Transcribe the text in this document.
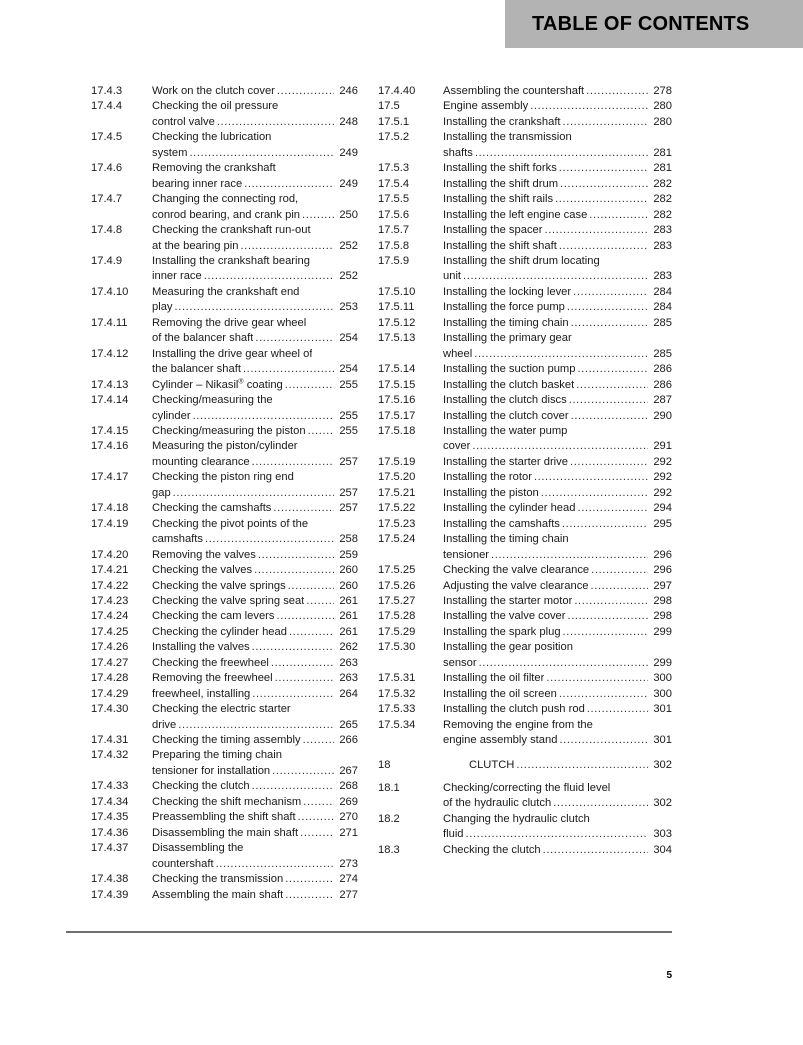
TABLE OF CONTENTS
17.4.3	Work on the clutch cover .....	246
17.4.4	Checking the oil pressure
control valve .....	248
17.4.5	Checking the lubrication
system .....	249
17.4.6	Removing the crankshaft
bearing inner race .....	249
17.4.7	Changing the connecting rod,
conrod bearing, and crank pin .....	250
17.4.8	Checking the crankshaft run-out
at the bearing pin .....	252
17.4.9	Installing the crankshaft bearing
inner race .....	252
17.4.10	Measuring the crankshaft end
play .....	253
17.4.11	Removing the drive gear wheel
of the balancer shaft .....	254
17.4.12	Installing the drive gear wheel of
the balancer shaft .....	254
17.4.13	Cylinder – Nikasil® coating .....	255
17.4.14	Checking/measuring the
cylinder .....	255
17.4.15	Checking/measuring the piston .....	255
17.4.16	Measuring the piston/cylinder
mounting clearance .....	257
17.4.17	Checking the piston ring end
gap .....	257
17.4.18	Checking the camshafts .....	257
17.4.19	Checking the pivot points of the
camshafts .....	258
17.4.20	Removing the valves .....	259
17.4.21	Checking the valves .....	260
17.4.22	Checking the valve springs .....	260
17.4.23	Checking the valve spring seat .....	261
17.4.24	Checking the cam levers .....	261
17.4.25	Checking the cylinder head .....	261
17.4.26	Installing the valves .....	262
17.4.27	Checking the freewheel .....	263
17.4.28	Removing the freewheel .....	263
17.4.29	freewheel, installing .....	264
17.4.30	Checking the electric starter
drive .....	265
17.4.31	Checking the timing assembly .....	266
17.4.32	Preparing the timing chain
tensioner for installation .....	267
17.4.33	Checking the clutch .....	268
17.4.34	Checking the shift mechanism .....	269
17.4.35	Preassembling the shift shaft .....	270
17.4.36	Disassembling the main shaft .....	271
17.4.37	Disassembling the
countershaft .....	273
17.4.38	Checking the transmission .....	274
17.4.39	Assembling the main shaft .....	277
17.4.40	Assembling the countershaft .....	278
17.5	Engine assembly .....	280
17.5.1	Installing the crankshaft .....	280
17.5.2	Installing the transmission
shafts .....	281
17.5.3	Installing the shift forks .....	281
17.5.4	Installing the shift drum .....	282
17.5.5	Installing the shift rails .....	282
17.5.6	Installing the left engine case .....	282
17.5.7	Installing the spacer .....	283
17.5.8	Installing the shift shaft .....	283
17.5.9	Installing the shift drum locating
unit .....	283
17.5.10	Installing the locking lever .....	284
17.5.11	Installing the force pump .....	284
17.5.12	Installing the timing chain .....	285
17.5.13	Installing the primary gear
wheel .....	285
17.5.14	Installing the suction pump .....	286
17.5.15	Installing the clutch basket .....	286
17.5.16	Installing the clutch discs .....	287
17.5.17	Installing the clutch cover .....	290
17.5.18	Installing the water pump
cover .....	291
17.5.19	Installing the starter drive .....	292
17.5.20	Installing the rotor .....	292
17.5.21	Installing the piston .....	292
17.5.22	Installing the cylinder head .....	294
17.5.23	Installing the camshafts .....	295
17.5.24	Installing the timing chain
tensioner .....	296
17.5.25	Checking the valve clearance .....	296
17.5.26	Adjusting the valve clearance .....	297
17.5.27	Installing the starter motor .....	298
17.5.28	Installing the valve cover .....	298
17.5.29	Installing the spark plug .....	299
17.5.30	Installing the gear position
sensor .....	299
17.5.31	Installing the oil filter .....	300
17.5.32	Installing the oil screen .....	300
17.5.33	Installing the clutch push rod .....	301
17.5.34	Removing the engine from the
engine assembly stand .....	301
18	CLUTCH .....	302
18.1	Checking/correcting the fluid level
of the hydraulic clutch .....	302
18.2	Changing the hydraulic clutch
fluid .....	303
18.3	Checking the clutch .....	304
5
